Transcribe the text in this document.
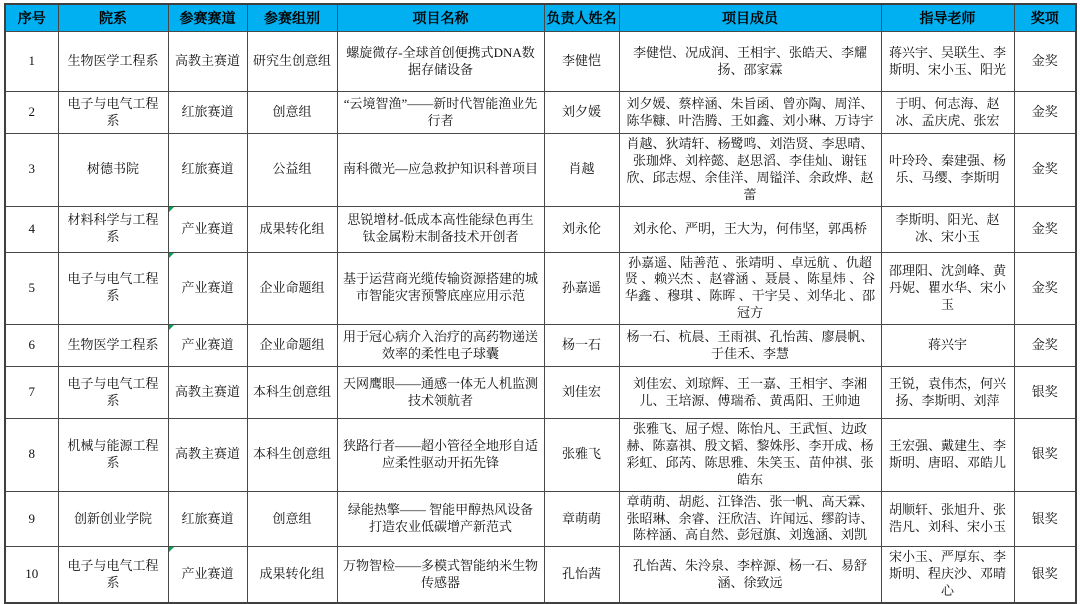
序号	院系	参赛赛道	参赛组别	项目名称	负责人姓名	项目成员	指导老师	奖项
1	生物医学工程系	高教主赛道	研究生创意组	螺旋微存-全球首创便携式DNA数据存储设备	李健恺	李健恺、况成润、王相宇、张皓天、李耀扬、邵家霖	蒋兴宇、吴联生、李斯明、宋小玉、阳光	金奖
2	电子与电气工程系	红旅赛道	创意组	“云境智渔”——新时代智能渔业先行者	刘夕媛	刘夕媛、蔡梓涵、朱旨函、曾亦陶、周洋、陈华糠、叶浩腾、王如鑫、刘小琳、万诗宇	于明、何志海、赵冰、孟庆虎、张宏	金奖
3	树德书院	红旅赛道	公益组	南科微光—应急救护知识科普项目	肖越	肖越、狄靖轩、杨鹭鸣、刘浩贤、李思晴、张珈烨、刘梓懿、赵思滔、李佳灿、谢钰欣、邱志煜、余佳洋、周镒洋、余政烨、赵蕾	叶玲玲、秦建强、杨乐、马缨、李斯明	金奖
4	材料科学与工程系	产业赛道	成果转化组	思锐增材-低成本高性能绿色再生钛金属粉末制备技术开创者	刘永伦	刘永伦、严明，王大为，何伟坚，郭禹桥	李斯明、阳光、赵冰、宋小玉	金奖
5	电子与电气工程系	产业赛道	企业命题组	基于运营商光缆传输资源搭建的城市智能灾害预警底座应用示范	孙嘉遥	孙嘉遥、陆善范 、张靖明 、卓远航 、仇超贤 、赖兴杰 、赵睿涵 、聂晨 、陈星炜 、谷华鑫 、穆琪 、陈晖 、干宇吴 、刘华北 、邵冠方	邵理阳、沈剑峰、黄丹妮、瞿水华、宋小玉	金奖
6	生物医学工程系	产业赛道	企业命题组	用于冠心病介入治疗的高药物递送效率的柔性电子球囊	杨一石	杨一石、杭晨、王雨祺、孔怡茜、廖晨帆、于佳禾、李慧	蒋兴宇	金奖
7	电子与电气工程系	高教主赛道	本科生创意组	天网鹰眼——通感一体无人机监测技术领航者	刘佳宏	刘佳宏、刘琼辉、王一嘉、王相宇、李湘儿、王培源、傅瑞希、黄禹阳、王帅迪	王锐，袁伟杰，何兴扬、李斯明、刘萍	银奖
8	机械与能源工程系	高教主赛道	本科生创意组	狭路行者——超小管径全地形自适应柔性驱动开拓先锋	张雅飞	张雅飞、屈子煜、陈怡凡、王武恒、边政赫、陈嘉祺、殷文韬、黎姝彤、李开成、杨彩虹、邱芮、陈思雅、朱笑玉、苗仲祺、张皓东	王宏强、戴建生、李斯明、唐昭、邓皓儿	银奖
9	创新创业学院	红旅赛道	创意组	绿能热擎—— 智能甲醇热风设备打造农业低碳增产新范式	章萌萌	章萌萌、胡彪、江锋浩、张一帆、高天霖、张昭琳、余睿、汪欣洁、许闻远、缪韵诗、陈梓涵、高自然、彭冠旗、刘逸涵、刘凯	胡顺轩、张旭升、张浩凡、刘科、宋小玉	银奖
10	电子与电气工程系	产业赛道	成果转化组	万物智检——多模式智能纳米生物传感器	孔怡茜	孔怡茜、朱泠泉、李梓源、杨一石、易舒涵、徐致远	宋小玉、严厚东、李斯明、程庆沙、邓晴心	银奖
